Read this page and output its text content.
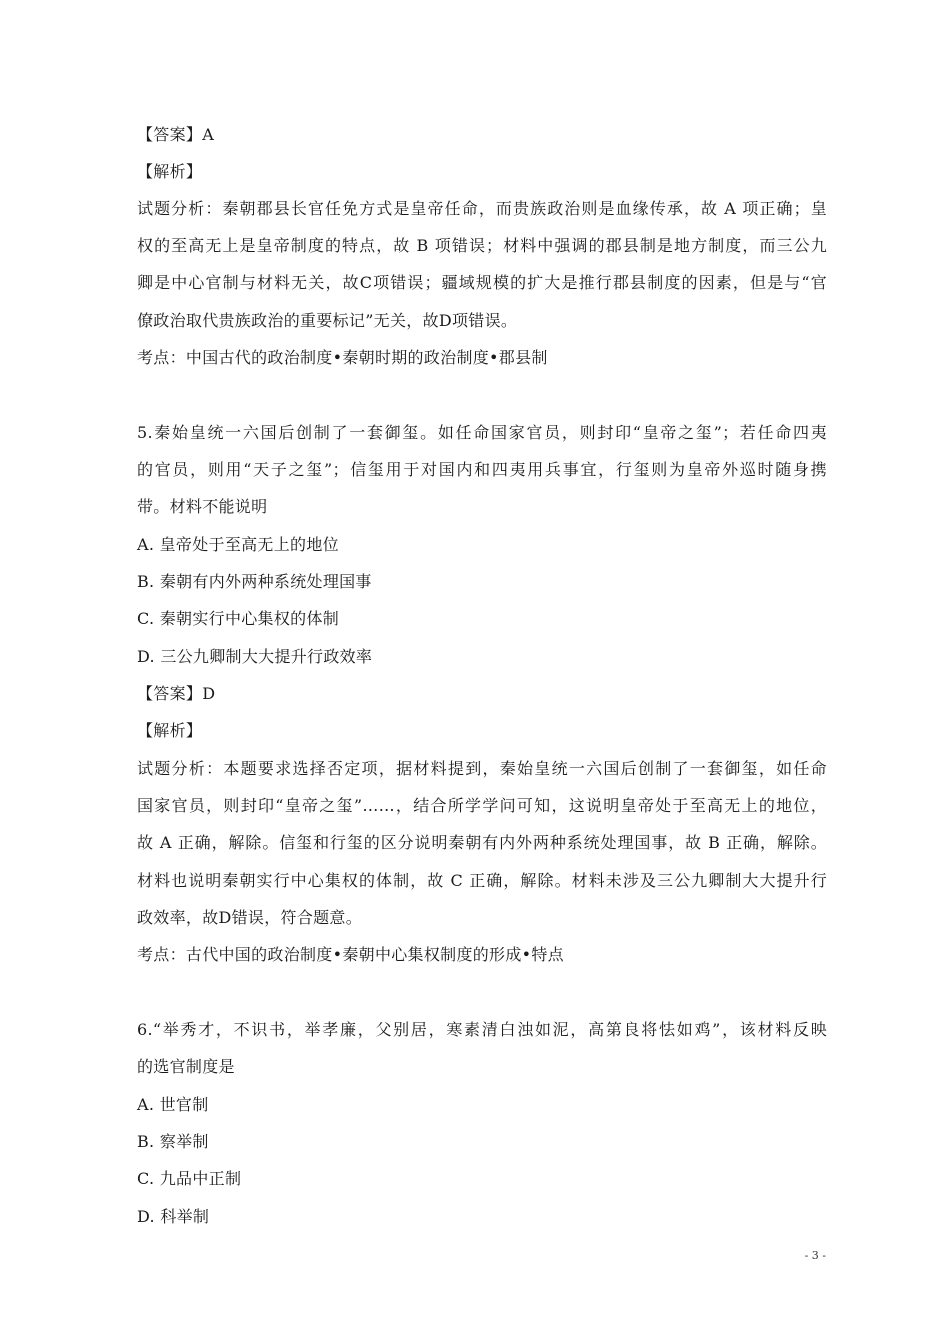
【答案】A
【解析】
试题分析：秦朝郡县长官任免方式是皇帝任命，而贵族政治则是血缘传承，故 A 项正确；皇
权的至高无上是皇帝制度的特点，故 B 项错误；材料中强调的郡县制是地方制度，而三公九
卿是中心官制与材料无关，故C项错误；疆域规模的扩大是推行郡县制度的因素，但是与“官
僚政治取代贵族政治的重要标记”无关，故D项错误。
考点：中国古代的政治制度•秦朝时期的政治制度•郡县制
5.秦始皇统一六国后创制了一套御玺。如任命国家官员，则封印“皇帝之玺”；若任命四夷
的官员，则用“天子之玺”；信玺用于对国内和四夷用兵事宜，行玺则为皇帝外巡时随身携
带。材料不能说明
A. 皇帝处于至高无上的地位
B. 秦朝有内外两种系统处理国事
C. 秦朝实行中心集权的体制
D. 三公九卿制大大提升行政效率
【答案】D
【解析】
试题分析：本题要求选择否定项，据材料提到，秦始皇统一六国后创制了一套御玺，如任命
国家官员，则封印“皇帝之玺”……，结合所学学问可知，这说明皇帝处于至高无上的地位，
故 A 正确，解除。信玺和行玺的区分说明秦朝有内外两种系统处理国事，故 B 正确，解除。
材料也说明秦朝实行中心集权的体制，故 C 正确，解除。材料未涉及三公九卿制大大提升行
政效率，故D错误，符合题意。
考点：古代中国的政治制度•秦朝中心集权制度的形成•特点
6.“举秀才，不识书，举孝廉，父别居，寒素清白浊如泥，高第良将怯如鸡”，该材料反映
的选官制度是
A. 世官制
B. 察举制
C. 九品中正制
D. 科举制
- 3 -
